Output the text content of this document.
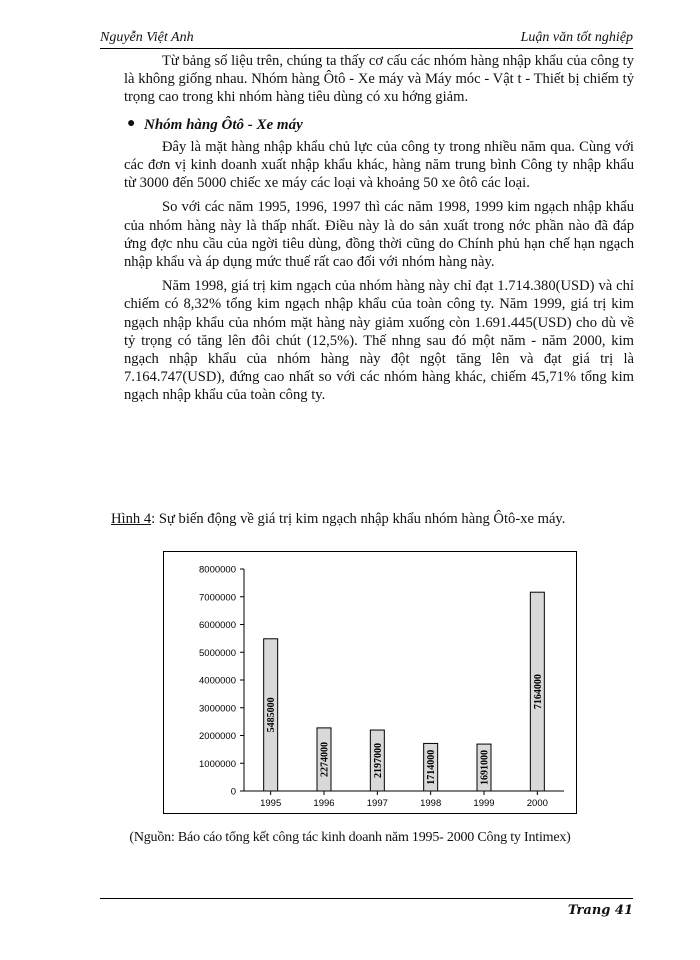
Nguyễn Việt Anh	Luận văn tốt nghiệp

Từ bảng số liệu trên, chúng ta thấy cơ cấu các nhóm hàng nhập khẩu của công ty là không giống nhau. Nhóm hàng Ôtô - Xe máy và Máy móc - Vật t - Thiết bị chiếm tỷ trọng cao trong khi nhóm hàng tiêu dùng có xu hớng giảm.

● Nhóm hàng Ôtô - Xe máy

Đây là mặt hàng nhập khẩu chủ lực của công ty trong nhiều năm qua. Cùng với các đơn vị kinh doanh xuất nhập khẩu khác, hàng năm trung bình Công ty nhập khẩu từ 3000 đến 5000 chiếc xe máy các loại và khoảng 50 xe ôtô các loại.

So với các năm 1995, 1996, 1997 thì các năm 1998, 1999 kim ngạch nhập khẩu của nhóm hàng này là thấp nhất. Điều này là do sản xuất trong nớc phần nào đã đáp ứng đợc nhu cầu của ngời tiêu dùng, đồng thời cũng do Chính phủ hạn chế hạn ngạch nhập khẩu và áp dụng mức thuế rất cao đối với nhóm hàng này.

Năm 1998, giá trị kim ngạch của nhóm hàng này chỉ đạt 1.714.380(USD) và chỉ chiếm có 8,32% tổng kim ngạch nhập khẩu của toàn công ty. Năm 1999, giá trị kim ngạch nhập khẩu của nhóm mặt hàng này giảm xuống còn 1.691.445(USD) cho dù về tỷ trọng có tăng lên đôi chút (12,5%). Thế nhng sau đó một năm - năm 2000, kim ngạch nhập khẩu của nhóm hàng này đột ngột tăng lên và đạt giá trị là 7.164.747(USD), đứng cao nhất so với các nhóm hàng khác, chiếm 45,71% tổng kim ngạch nhập khẩu của toàn công ty.

Hình 4: Sự biến động về giá trị kim ngạch nhập khẩu nhóm hàng Ôtô-xe máy.
0
1000000
2000000
3000000
4000000
5000000
6000000
7000000
8000000
1995
5485000
1996
2274000
1997
2197000
1998
1714000
1999
1691000
2000
7164000
(Nguồn: Báo cáo tổng kết công tác kinh doanh năm 1995- 2000 Công ty Intimex)
Trang 41
